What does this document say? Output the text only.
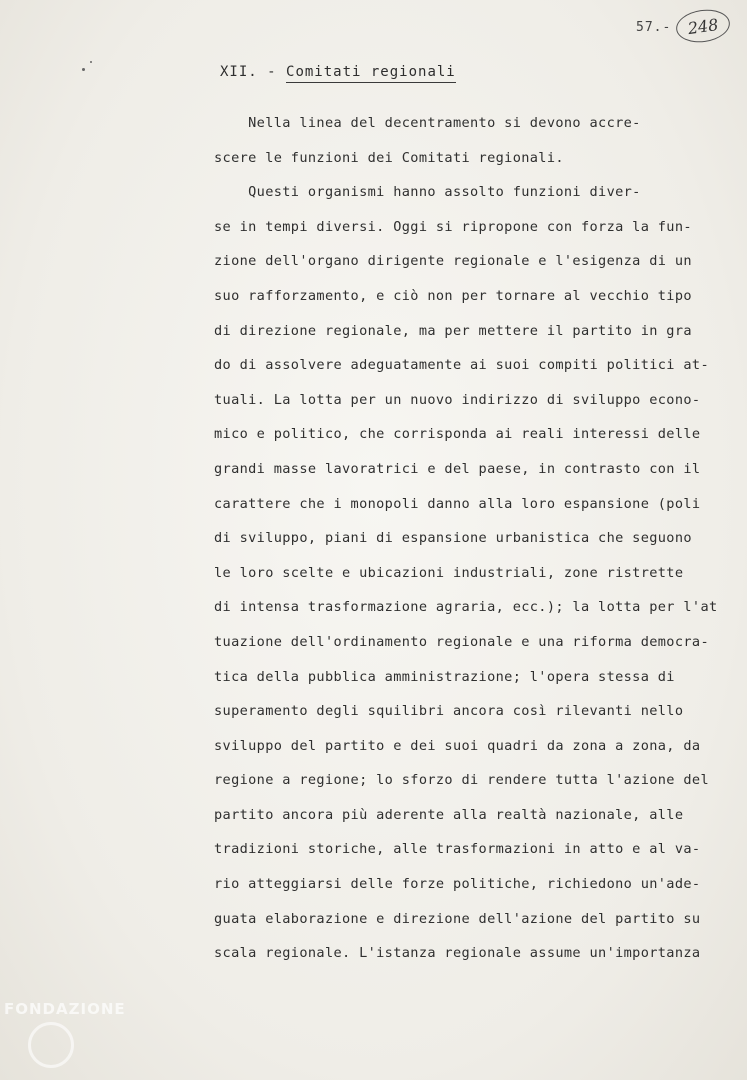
57.- 248
XII. - Comitati regionali
Nella linea del decentramento si devono accre-
scere le funzioni dei Comitati regionali.
Questi organismi hanno assolto funzioni diver-
se in tempi diversi. Oggi si ripropone con forza la fun-
zione dell'organo dirigente regionale e l'esigenza di un
suo rafforzamento, e ciò non per tornare al vecchio tipo
di direzione regionale, ma per mettere il partito in gra
do di assolvere adeguatamente ai suoi compiti politici at-
tuali. La lotta per un nuovo indirizzo di sviluppo econo-
mico e politico, che corrisponda ai reali interessi delle
grandi masse lavoratrici e del paese, in contrasto con il
carattere che i monopoli danno alla loro espansione (poli
di sviluppo, piani di espansione urbanistica che seguono
le loro scelte e ubicazioni industriali, zone ristrette
di intensa trasformazione agraria, ecc.); la lotta per l'at
tuazione dell'ordinamento regionale e una riforma democra-
tica della pubblica amministrazione; l'opera stessa di
superamento degli squilibri ancora così rilevanti nello
sviluppo del partito e dei suoi quadri da zona a zona, da
regione a regione; lo sforzo di rendere tutta l'azione del
partito ancora più aderente alla realtà nazionale, alle
tradizioni storiche, alle trasformazioni in atto e al va-
rio atteggiarsi delle forze politiche, richiedono un'ade-
guata elaborazione e direzione dell'azione del partito su
scala regionale. L'istanza regionale assume un'importanza
FONDAZIONE
